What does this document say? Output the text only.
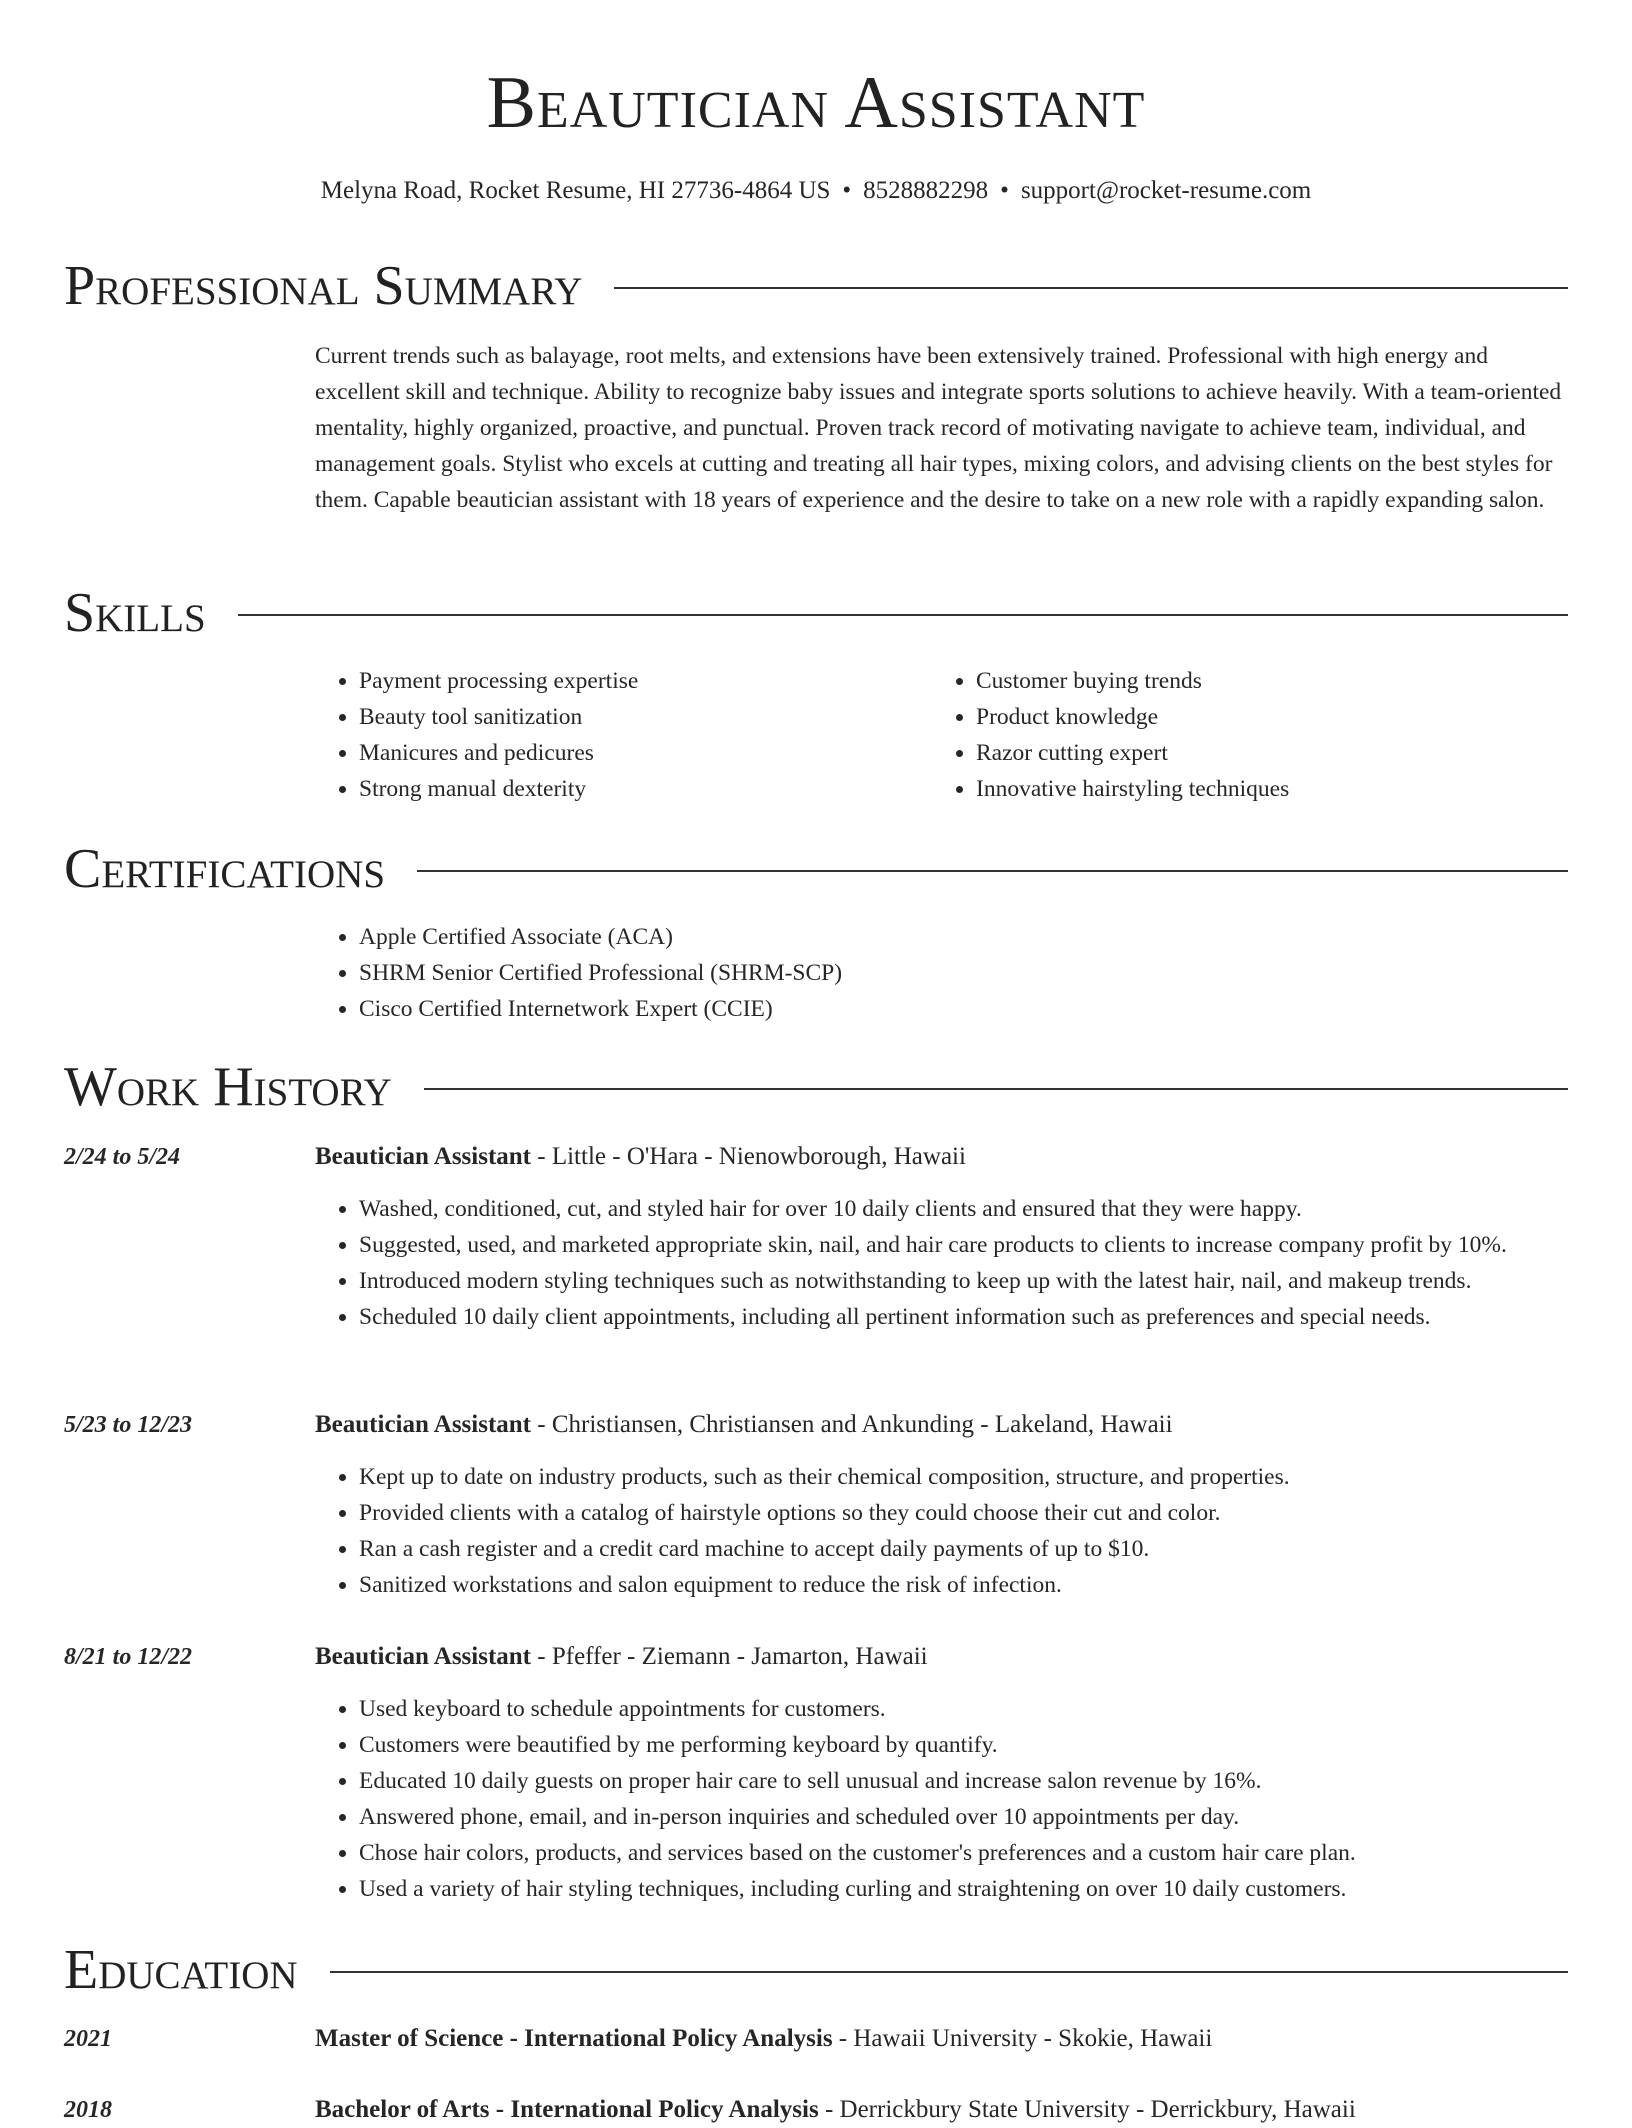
Beautician Assistant
Melyna Road, Rocket Resume, HI 27736-4864 US • 8528882298 • support@rocket-resume.com
Professional Summary

Current trends such as balayage, root melts, and extensions have been extensively trained. Professional with high energy and excellent skill and technique. Ability to recognize baby issues and integrate sports solutions to achieve heavily. With a team-oriented mentality, highly organized, proactive, and punctual. Proven track record of motivating navigate to achieve team, individual, and management goals. Stylist who excels at cutting and treating all hair types, mixing colors, and advising clients on the best styles for them. Capable beautician assistant with 18 years of experience and the desire to take on a new role with a rapidly expanding salon.

Skills
• Payment processing expertise
• Beauty tool sanitization
• Manicures and pedicures
• Strong manual dexterity
• Customer buying trends
• Product knowledge
• Razor cutting expert
• Innovative hairstyling techniques
Certifications
• Apple Certified Associate (ACA)
• SHRM Senior Certified Professional (SHRM-SCP)
• Cisco Certified Internetwork Expert (CCIE)
Work History
2/24 to 5/24	Beautician Assistant - Little - O'Hara - Nienowborough, Hawaii
• Washed, conditioned, cut, and styled hair for over 10 daily clients and ensured that they were happy.
• Suggested, used, and marketed appropriate skin, nail, and hair care products to clients to increase company profit by 10%.
• Introduced modern styling techniques such as notwithstanding to keep up with the latest hair, nail, and makeup trends.
• Scheduled 10 daily client appointments, including all pertinent information such as preferences and special needs.
5/23 to 12/23	Beautician Assistant - Christiansen, Christiansen and Ankunding - Lakeland, Hawaii
• Kept up to date on industry products, such as their chemical composition, structure, and properties.
• Provided clients with a catalog of hairstyle options so they could choose their cut and color.
• Ran a cash register and a credit card machine to accept daily payments of up to $10.
• Sanitized workstations and salon equipment to reduce the risk of infection.
8/21 to 12/22	Beautician Assistant - Pfeffer - Ziemann - Jamarton, Hawaii
• Used keyboard to schedule appointments for customers.
• Customers were beautified by me performing keyboard by quantify.
• Educated 10 daily guests on proper hair care to sell unusual and increase salon revenue by 16%.
• Answered phone, email, and in-person inquiries and scheduled over 10 appointments per day.
• Chose hair colors, products, and services based on the customer's preferences and a custom hair care plan.
• Used a variety of hair styling techniques, including curling and straightening on over 10 daily customers.
Education
2021	Master of Science - International Policy Analysis - Hawaii University - Skokie, Hawaii
2018	Bachelor of Arts - International Policy Analysis - Derrickbury State University - Derrickbury, Hawaii
